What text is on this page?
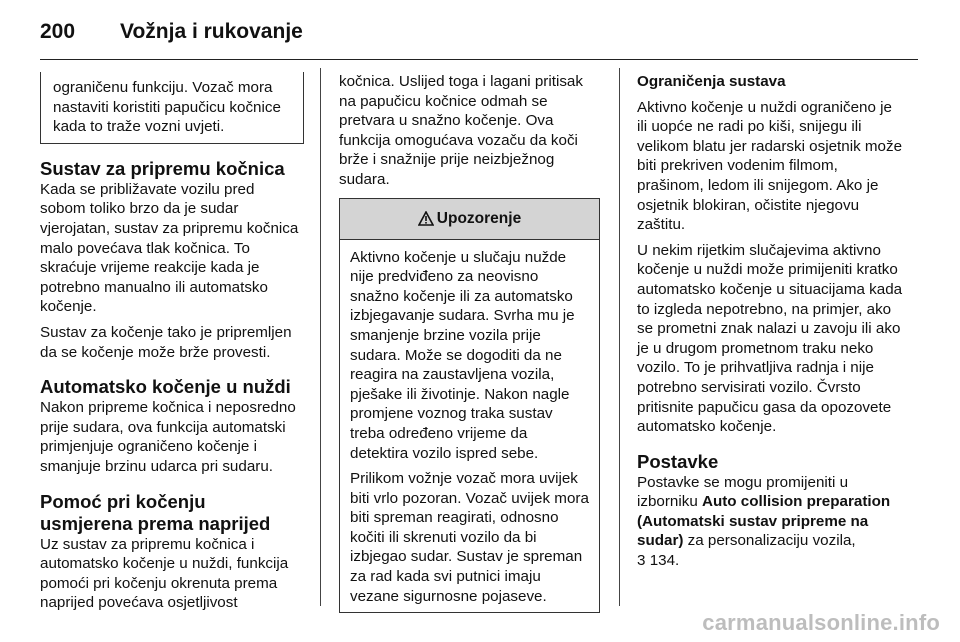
200 Vožnja i rukovanje

ograničenu funkciju. Vozač mora nastaviti koristiti papučicu kočnice kada to traže vozni uvjeti.

Sustav za pripremu kočnica

Kada se približavate vozilu pred sobom toliko brzo da je sudar vjerojatan, sustav za pripremu kočnica malo povećava tlak kočnica. To skraćuje vrijeme reakcije kada je potrebno manualno ili automatsko kočenje.

Sustav za kočenje tako je pripremljen da se kočenje može brže provesti.

Automatsko kočenje u nuždi

Nakon pripreme kočnica i neposredno prije sudara, ova funkcija automatski primjenjuje ograničeno kočenje i smanjuje brzinu udarca pri sudaru.

Pomoć pri kočenju usmjerena prema naprijed

Uz sustav za pripremu kočnica i automatsko kočenje u nuždi, funkcija pomoći pri kočenju okrenuta prema naprijed povećava osjetljivost

kočnica. Uslijed toga i lagani pritisak na papučicu kočnice odmah se pretvara u snažno kočenje. Ova funkcija omogućava vozaču da koči brže i snažnije prije neizbježnog sudara.

Upozorenje

Aktivno kočenje u slučaju nužde nije predviđeno za neovisno snažno kočenje ili za automatsko izbjegavanje sudara. Svrha mu je smanjenje brzine vozila prije sudara. Može se dogoditi da ne reagira na zaustavljena vozila, pješake ili životinje. Nakon nagle promjene voznog traka sustav treba određeno vrijeme da detektira vozilo ispred sebe.

Prilikom vožnje vozač mora uvijek biti vrlo pozoran. Vozač uvijek mora biti spreman reagirati, odnosno kočiti ili skrenuti vozilo da bi izbjegao sudar. Sustav je spreman za rad kada svi putnici imaju vezane sigurnosne pojaseve.

Ograničenja sustava

Aktivno kočenje u nuždi ograničeno je ili uopće ne radi po kiši, snijegu ili velikom blatu jer radarski osjetnik može biti prekriven vodenim filmom, prašinom, ledom ili snijegom. Ako je osjetnik blokiran, očistite njegovu zaštitu.

U nekim rijetkim slučajevima aktivno kočenje u nuždi može primijeniti kratko automatsko kočenje u situacijama kada to izgleda nepotrebno, na primjer, ako se prometni znak nalazi u zavoju ili ako je u drugom prometnom traku neko vozilo. To je prihvatljiva radnja i nije potrebno servisirati vozilo. Čvrsto pritisnite papučicu gasa da opozovete automatsko kočenje.

Postavke

Postavke se mogu promijeniti u izborniku Auto collision preparation (Automatski sustav pripreme na sudar) za personalizaciju vozila,
3 134.

carmanualsonline.info
